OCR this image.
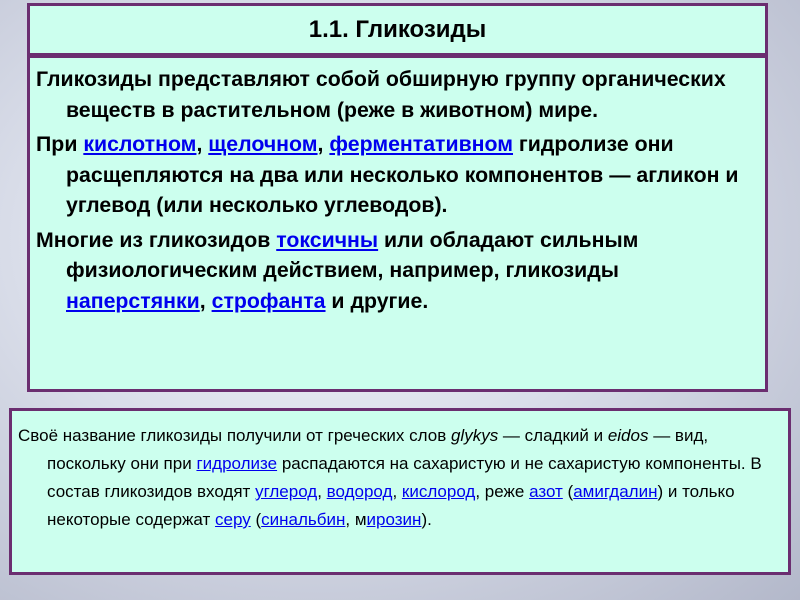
1.1. Гликозиды

Гликозиды представляют собой обширную группу органических веществ в растительном (реже в животном) мире.

При кислотном, щелочном, ферментативном гидролизе они расщепляются на два или несколько компонентов — агликон и углевод (или несколько углеводов).

Многие из гликозидов токсичны или обладают сильным физиологическим действием, например, гликозиды наперстянки, строфанта и другие.

Своё название гликозиды получили от греческих слов glykys — сладкий и eidos — вид, поскольку они при гидролизе распадаются на сахаристую и не сахаристую компоненты. В состав гликозидов входят углерод, водород, кислород, реже азот (амигдалин) и только некоторые содержат серу (синальбин, мирозин).
